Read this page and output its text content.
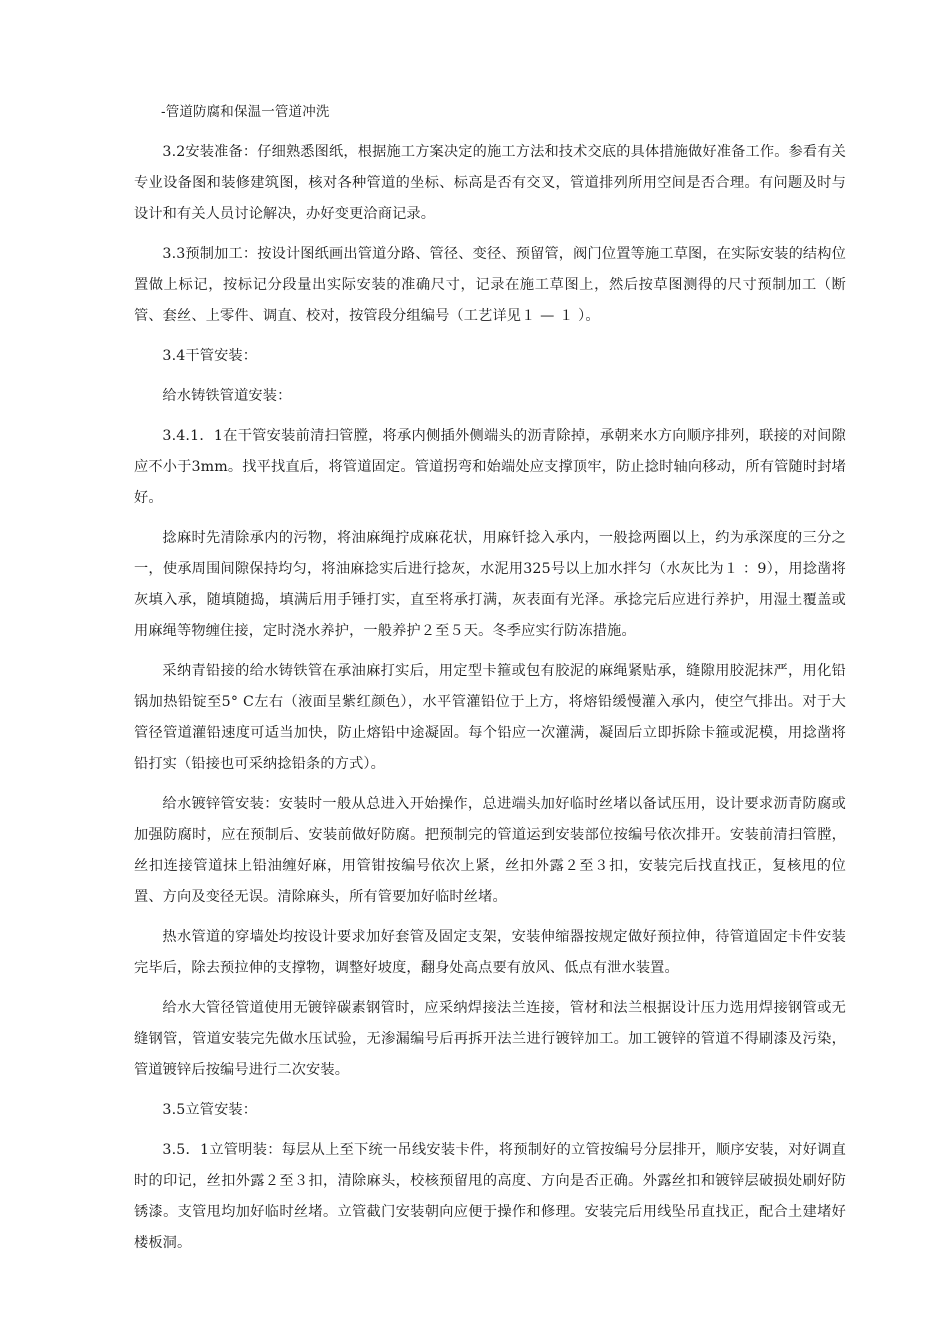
-管道防腐和保温一管道冲洗

3.2安装准备：仔细熟悉图纸，根据施工方案决定的施工方法和技术交底的具体措施做好准备工作。参看有关专业设备图和装修建筑图，核对各种管道的坐标、标高是否有交叉，管道排列所用空间是否合理。有问题及时与设计和有关人员讨论解决，办好变更洽商记录。

3.3预制加工：按设计图纸画出管道分路、管径、变径、预留管，阀门位置等施工草图，在实际安装的结构位置做上标记，按标记分段量出实际安装的准确尺寸，记录在施工草图上，然后按草图测得的尺寸预制加工（断管、套丝、上零件、调直、校对，按管段分组编号（工艺详见１ — １ ）。

3.4干管安装：

给水铸铁管道安装：

3.4.1．1在干管安装前清扫管膛，将承内侧插外侧端头的沥青除掉，承朝来水方向顺序排列，联接的对间隙应不小于3mm。找平找直后，将管道固定。管道拐弯和始端处应支撑顶牢，防止捻时轴向移动，所有管随时封堵好。

捻麻时先清除承内的污物，将油麻绳拧成麻花状，用麻钎捻入承内，一般捻两圈以上，约为承深度的三分之一，使承周围间隙保持均匀，将油麻捻实后进行捻灰，水泥用325号以上加水拌匀（水灰比为１ ：9），用捻凿将灰填入承，随填随捣，填满后用手锤打实，直至将承打满，灰表面有光泽。承捻完后应进行养护，用湿土覆盖或用麻绳等物缠住接，定时浇水养护，一般养护２至５天。冬季应实行防冻措施。

采纳青铅接的给水铸铁管在承油麻打实后，用定型卡箍或包有胶泥的麻绳紧贴承，缝隙用胶泥抹严，用化铅锅加热铅锭至5° C左右（液面呈紫红颜色），水平管灌铅位于上方，将熔铅缓慢灌入承内，使空气排出。对于大管径管道灌铅速度可适当加快，防止熔铅中途凝固。每个铅应一次灌满，凝固后立即拆除卡箍或泥模，用捻凿将铅打实（铅接也可采纳捻铅条的方式）。

给水镀锌管安装：安装时一般从总进入开始操作，总进端头加好临时丝堵以备试压用，设计要求沥青防腐或加强防腐时，应在预制后、安装前做好防腐。把预制完的管道运到安装部位按编号依次排开。安装前清扫管膛，丝扣连接管道抹上铅油缠好麻，用管钳按编号依次上紧，丝扣外露２至３扣，安装完后找直找正，复核甩的位置、方向及变径无误。清除麻头，所有管要加好临时丝堵。

热水管道的穿墙处均按设计要求加好套管及固定支架，安装伸缩器按规定做好预拉伸，待管道固定卡件安装完毕后，除去预拉伸的支撑物，调整好坡度，翻身处高点要有放风、低点有泄水装置。

给水大管径管道使用无镀锌碳素钢管时，应采纳焊接法兰连接，管材和法兰根据设计压力选用焊接钢管或无缝钢管，管道安装完先做水压试验，无渗漏编号后再拆开法兰进行镀锌加工。加工镀锌的管道不得刷漆及污染，管道镀锌后按编号进行二次安装。

3.5立管安装：

3.5．1立管明装：每层从上至下统一吊线安装卡件，将预制好的立管按编号分层排开，顺序安装，对好调直时的印记，丝扣外露２至３扣，清除麻头，校核预留甩的高度、方向是否正确。外露丝扣和镀锌层破损处刷好防锈漆。支管甩均加好临时丝堵。立管截门安装朝向应便于操作和修理。安装完后用线坠吊直找正，配合土建堵好楼板洞。
